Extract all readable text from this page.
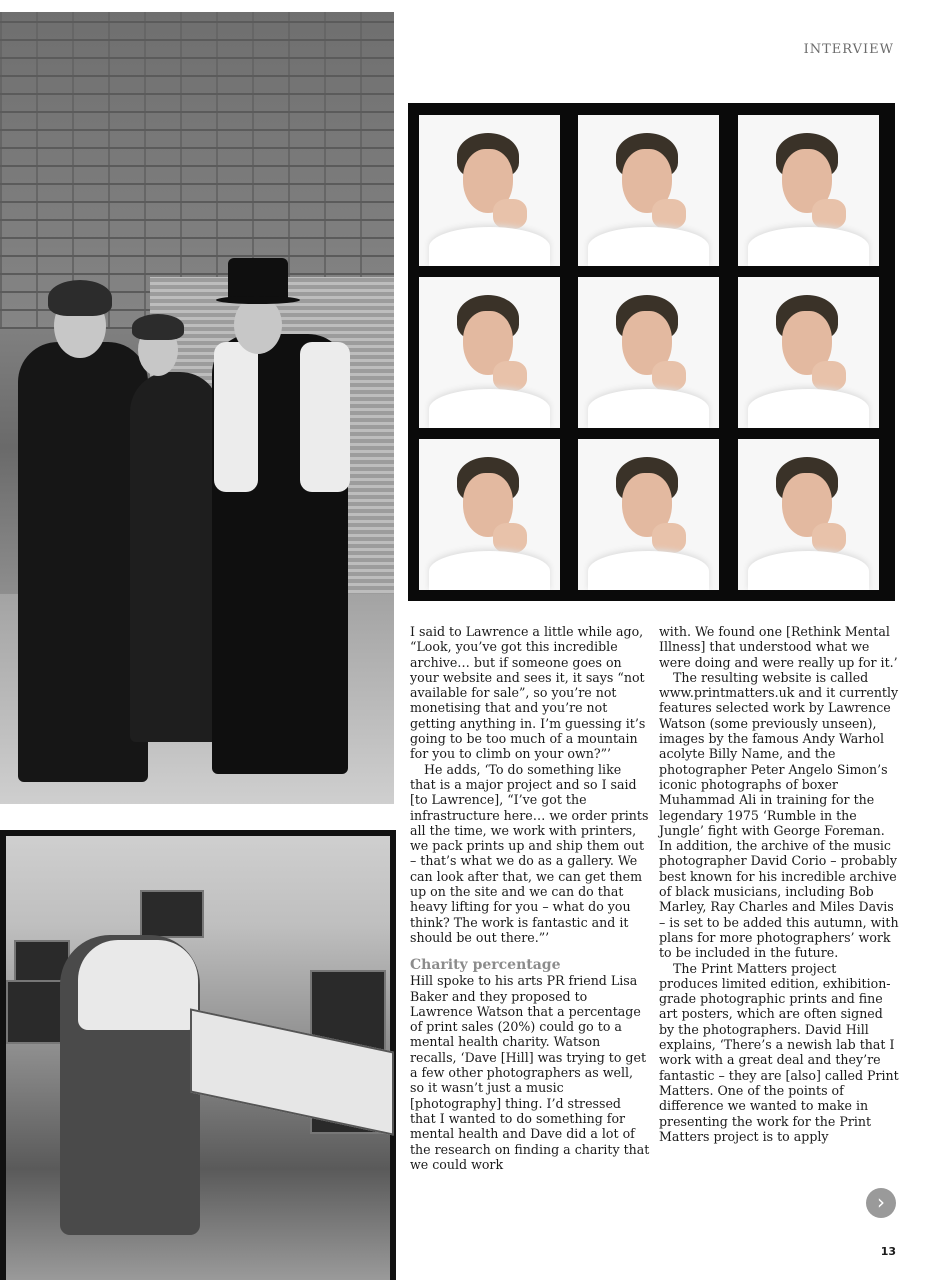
INTERVIEW

I said to Lawrence a little while ago, “Look, you’ve got this incredible archive… but if someone goes on your website and sees it, it says “not available for sale”, so you’re not monetising that and you’re not getting anything in. I’m guessing it’s going to be too much of a mountain for you to climb on your own?”’

He adds, ‘To do something like that is a major project and so I said [to Lawrence], “I’ve got the infrastructure here… we order prints all the time, we work with printers, we pack prints up and ship them out – that’s what we do as a gallery. We can look after that, we can get them up on the site and we can do that heavy lifting for you – what do you think? The work is fantastic and it should be out there.”’

Charity percentage

Hill spoke to his arts PR friend Lisa Baker and they proposed to Lawrence Watson that a percentage of print sales (20%) could go to a mental health charity. Watson recalls, ‘Dave [Hill] was trying to get a few other photographers as well, so it wasn’t just a music [photography] thing. I’d stressed that I wanted to do something for mental health and Dave did a lot of the research on finding a charity that we could work

with. We found one [Rethink Mental Illness] that understood what we were doing and were really up for it.’

The resulting website is called www.printmatters.uk and it currently features selected work by Lawrence Watson (some previously unseen), images by the famous Andy Warhol acolyte Billy Name, and the photographer Peter Angelo Simon’s iconic photographs of boxer Muhammad Ali in training for the legendary 1975 ‘Rumble in the Jungle’ fight with George Foreman. In addition, the archive of the music photographer David Corio – probably best known for his incredible archive of black musicians, including Bob Marley, Ray Charles and Miles Davis – is set to be added this autumn, with plans for more photographers’ work to be included in the future.

The Print Matters project produces limited edition, exhibition-grade photographic prints and fine art posters, which are often signed by the photographers. David Hill explains, ‘There’s a newish lab that I work with a great deal and they’re fantastic – they are [also] called Print Matters. One of the points of difference we wanted to make in presenting the work for the Print Matters project is to apply

›
13
